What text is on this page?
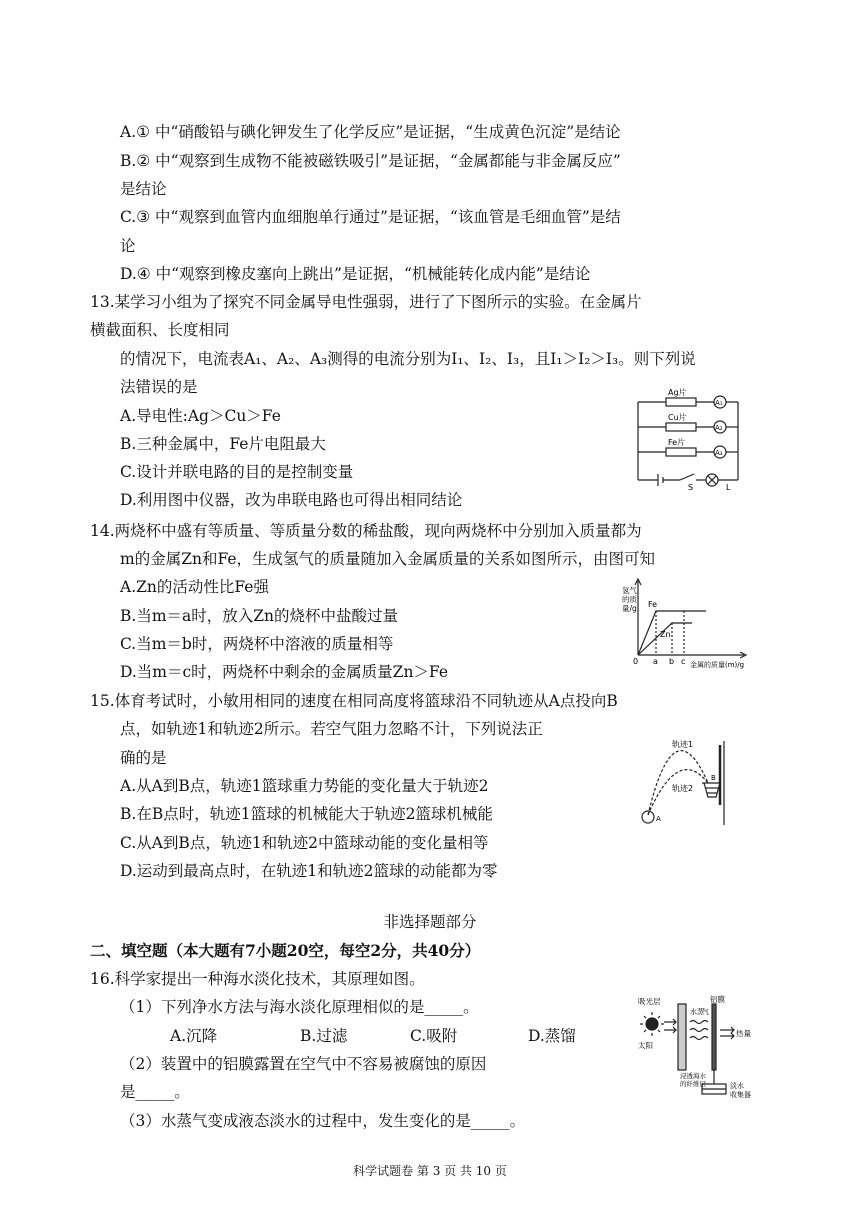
A.① 中“硝酸铅与碘化钾发生了化学反应”是证据，“生成黄色沉淀”是结论
B.② 中“观察到生成物不能被磁铁吸引”是证据，“金属都能与非金属反应”
是结论
C.③ 中“观察到血管内血细胞单行通过”是证据，“该血管是毛细血管”是结
论
D.④ 中“观察到橡皮塞向上跳出”是证据，“机械能转化成内能”是结论
13.某学习小组为了探究不同金属导电性强弱，进行了下图所示的实验。在金属片
横截面积、长度相同
的情况下，电流表A₁、A₂、A₃测得的电流分别为I₁、I₂、I₃，且I₁＞I₂＞I₃。则下列说
法错误的是
A.导电性:Ag＞Cu＞Fe
B.三种金属中，Fe片电阻最大
C.设计并联电路的目的是控制变量
D.利用图中仪器，改为串联电路也可得出相同结论
Ag片
Cu片
Fe片
A₁
A₂
A₃
S	L
14.两烧杯中盛有等质量、等质量分数的稀盐酸，现向两烧杯中分别加入质量都为
m的金属Zn和Fe，生成氢气的质量随加入金属质量的关系如图所示，由图可知
A.Zn的活动性比Fe强
B.当m＝a时，放入Zn的烧杯中盐酸过量
C.当m＝b时，两烧杯中溶液的质量相等
D.当m＝c时，两烧杯中剩余的金属质量Zn＞Fe
氢气
的质
量/g Fe
Zn
0 a b c 金属的质量(m)/g
15.体育考试时，小敏用相同的速度在相同高度将篮球沿不同轨迹从A点投向B
点，如轨迹1和轨迹2所示。若空气阻力忽略不计，下列说法正
确的是
A.从A到B点，轨迹1篮球重力势能的变化量大于轨迹2
B.在B点时，轨迹1篮球的机械能大于轨迹2篮球机械能
C.从A到B点，轨迹1和轨迹2中篮球动能的变化量相等
D.运动到最高点时，在轨迹1和轨迹2篮球的动能都为零
轨迹1
轨迹2
A
B
非选择题部分
二、填空题（本大题有7小题20空，每空2分，共40分）
16.科学家提出一种海水淡化技术，其原理如图。
（1）下列净水方法与海水淡化原理相似的是_____。
A.沉降	B.过滤	C.吸附	D.蒸馏
（2）装置中的铝膜露置在空气中不容易被腐蚀的原因
是_____。
（3）水蒸气变成液态淡水的过程中，发生变化的是_____。
吸光层
太阳
铝膜
水蒸
气
热量
浸透海水
的纤维层	淡水
收集器
科学试题卷 第 3 页 共 10 页
